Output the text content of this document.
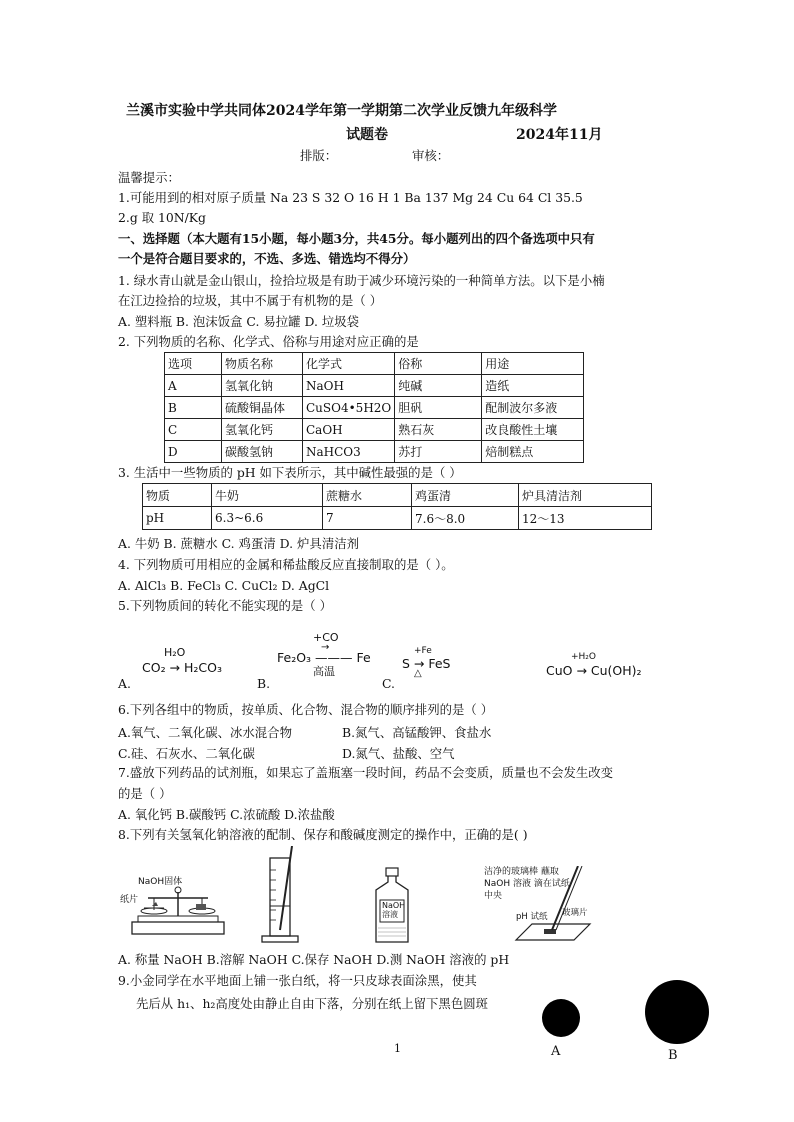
兰溪市实验中学共同体2024学年第一学期第二次学业反馈九年级科学
试题卷	2024年11月
排版：	审核：
温馨提示：
1.可能用到的相对原子质量 Na 23 S 32 O 16 H 1 Ba 137 Mg 24 Cu 64 Cl 35.5
2.g 取 10N/Kg
一、选择题（本大题有15小题，每小题3分，共45分。每小题列出的四个备选项中只有
一个是符合题目要求的，不选、多选、错选均不得分）
1. 绿水青山就是金山银山，捡拾垃圾是有助于减少环境污染的一种简单方法。以下是小楠
在江边捡拾的垃圾，其中不属于有机物的是（ ）
A. 塑料瓶 B. 泡沫饭盒 C. 易拉罐 D. 垃圾袋
2. 下列物质的名称、化学式、俗称与用途对应正确的是
选项	物质名称	化学式	俗称	用途
A	氢氧化钠	NaOH	纯碱	造纸
B	硫酸铜晶体	CuSO4•5H2O	胆矾	配制波尔多液
C	氢氧化钙	CaOH	熟石灰	改良酸性土壤
D	碳酸氢钠	NaHCO3	苏打	焙制糕点
3. 生活中一些物质的 pH 如下表所示，其中碱性最强的是（ ）
物质	牛奶	蔗糖水	鸡蛋清	炉具清洁剂
pH	6.3~6.6	7	7.6～8.0	12～13
A. 牛奶 B. 蔗糖水 C. 鸡蛋清 D. 炉具清洁剂
4. 下列物质可用相应的金属和稀盐酸反应直接制取的是（ ）。
A. AlCl₃ B. FeCl₃ C. CuCl₂ D. AgCl
5.下列物质间的转化不能实现的是（ ）
H₂O
CO₂ → H₂CO₃
A.
+CO
→
Fe₂O₃ ——— Fe
高温
B.
+Fe
S → FeS
△
C.
+H₂O
CuO → Cu(OH)₂
6.下列各组中的物质，按单质、化合物、混合物的顺序排列的是（ ）
A.氧气、二氧化碳、冰水混合物	B.氮气、高锰酸钾、食盐水
C.硅、石灰水、二氧化碳	D.氮气、盐酸、空气
7.盛放下列药品的试剂瓶，如果忘了盖瓶塞一段时间，药品不会变质，质量也不会发生改变
的是（ ）
A. 氧化钙 B.碳酸钙 C.浓硫酸 D.浓盐酸
8.下列有关氢氧化钠溶液的配制、保存和酸碱度测定的操作中，正确的是( )
NaOH固体
纸片
NaOH 溶液
洁净的玻璃棒 蘸取 NaOH 溶液 滴在试纸中央
pH 试纸 玻璃片
A. 称量 NaOH B.溶解 NaOH C.保存 NaOH D.测 NaOH 溶液的 pH
9.小金同学在水平地面上铺一张白纸，将一只皮球表面涂黑，使其
先后从 h₁、h₂高度处由静止自由下落，分别在纸上留下黑色圆斑
A	B
1
